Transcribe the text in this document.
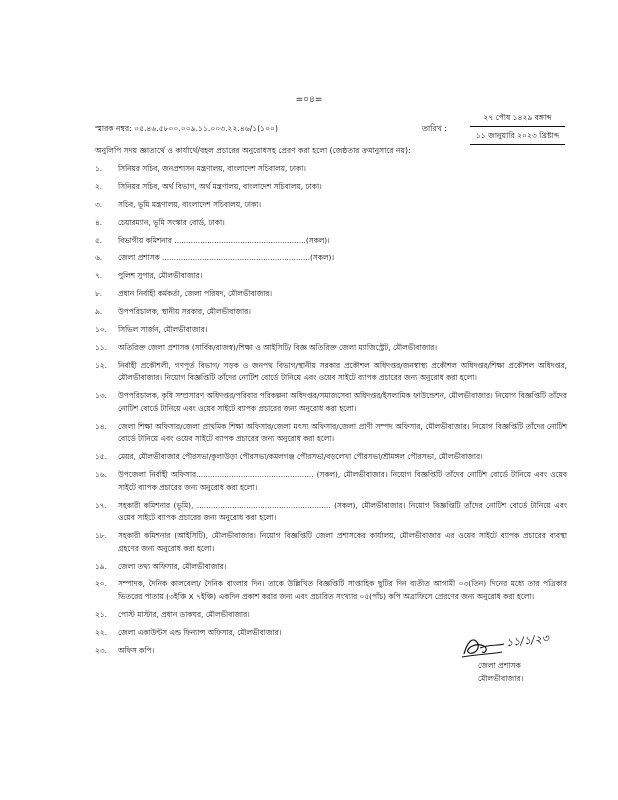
=০৪=
স্মারক নম্বর: ০৫.৪৬.৫৮০০.০০৯.১১.০০৩.২২.৪৬/১(১০০)	তারিখ :
২৭ পৌষ ১৪২৯ বঙ্গাব্দ
১১ জানুয়ারি ২০২৩ খ্রিষ্টাব্দ
অনুলিপি সদয় জ্ঞাতার্থে ও কার্যার্থে/বহল প্রচারের অনুরোধসহ প্রেরণ করা হলো (জেষ্ঠতার ক্রমানুসারে নয়):
১.	সিনিয়র সচিব, জনপ্রশাসন মন্ত্রণালয়, বাংলাদেশ সচিবালয়, ঢাকা।
২.	সিনিয়র সচিব, অর্থ বিভাগ, অর্থ মন্ত্রণালয়, বাংলাদেশ সচিবালয়, ঢাকা।
৩.	সচিব, ভূমি মন্ত্রণালয়, বাংলাদেশ সচিবালয়, ঢাকা।
৪.	চেয়ারম্যান, ভূমি সংস্কার বোর্ড, ঢাকা।
৫.	বিভাগীয় কমিশনার ........................................................(সকল)।
৬.	জেলা প্রশাসক ...............................................................(সকল)।
৭.	পুলিশ সুপার, মৌলভীবাজার।
৮.	প্রধান নির্বাহী কর্মকর্তা, জেলা পরিষদ, মৌলভীবাজার।
৯.	উপপরিচালক, স্থানীয় সরকার, মৌলভীবাজার।
১০.	সিভিল সার্জন, মৌলভীবাজার।
১১.	অতিরিক্ত জেলা প্রশাসক (সার্বিক/রাজস্ব)/শিক্ষা ও আইসিটি/ বিজ্ঞ অতিরিক্ত জেলা ম্যাজিস্ট্রেট, মৌলভীবাজার।
১২.	নির্বাহী প্রকৌশলী, গণপূর্ত বিভাগ/ সড়ক ও জনপথ বিভাগ/স্থানীয় সরকার প্রকৌশল অধিদপ্তর/জনস্বাস্থ্য প্রকৌশল অধিদপ্তর/শিক্ষা প্রকৌশল অধিদপ্তর, মৌলভীবাজার। নিয়োগ বিজ্ঞপ্তিটি তাঁদের নোটিশ বোর্ডে টানিয়ে এবং ওয়েব সাইটে ব্যাপক প্রচারের জন্য অনুরোধ করা হলো।
১৩.	উপপরিচালক, কৃষি সম্প্রসারণ অধিদপ্তর/পরিবার পরিকল্পনা অধিদপ্তর/সমাজসেবা অধিদপ্তর/ইসলামিক ফাউন্ডেশন, মৌলভীবাজার। নিয়োগ বিজ্ঞপ্তিটি তাঁদের নোটিশ বোর্ডে টানিয়ে এবং ওয়েব সাইটে ব্যাপক প্রচারের জন্য অনুরোধ করা হলো।
১৪.	জেলা শিক্ষা অফিসার/জেলা প্রাথমিক শিক্ষা অফিসার/জেলা মৎস্য অফিসার/জেলা প্রাণী সম্পদ অফিসার, মৌলভীবাজার। নিয়োগ বিজ্ঞপ্তিটি তাঁদের নোটিশ বোর্ডে টানিয়ে এবং ওয়েব সাইটে ব্যাপক প্রচারের জন্য অনুরোধ করা হলো।
১৫.	মেয়র, মৌলভীবাজার পৌরসভা/কুলাউড়া পৌরসভা/কমলগঞ্জ পৌরসভা/বড়লেখা পৌরসভা/শ্রীমঙ্গল পৌরসভা, মৌলভীবাজার।
১৬.	উপজেলা নির্বাহী অফিসার.................................................. (সকল), মৌলভীবাজার। নিয়োগ বিজ্ঞপ্তিটি তাঁদের নোটিশ বোর্ডে টানিয়ে এবং ওয়েব সাইটে ব্যাপক প্রচারের জন্য অনুরোধ করা হলো।
১৭.	সহকারী কমিশনার (ভূমি), ......................................................... (সকল), মৌলভীবাজার। নিয়োগ বিজ্ঞপ্তিটি তাঁদের নোটিশ বোর্ডে টানিয়ে এবং ওয়েব সাইটে ব্যাপক প্রচারের জন্য অনুরোধ করা হলো।
১৮.	সহকারী কমিশনার (আইসিটি), মৌলভীবাজার। নিয়োগ বিজ্ঞপ্তিটি জেলা প্রশাসকের কার্যালয়, মৌলভীবাজার এর ওয়েব সাইটে ব্যাপক প্রচারের ব্যবস্থা গ্রহণের জন্য অনুরোধ করা হলো।
১৯.	জেলা তথ্য অফিসার, মৌলভীবাজার।
২০.	সম্পাদক, দৈনিক কালবেলা/ দৈনিক বাংলার দিন। তাকে উল্লিখিত বিজ্ঞপ্তিটি সাপ্তাহিক ছুটির দিন ব্যতীত আগামী ০৩(তিন) দিনের মধ্যে তার পত্রিকার ভিতরের পাতায় (৩ইঞ্চি X ৭ইঞ্চি) একদিন প্রকাশ করার জন্য এবং প্রচারিত সংখ্যার ০৫(পাঁচ) কপি অত্রাফিসে প্রেরণের জন্য অনুরোধ করা হলো।
২১.	পোস্ট মাস্টার, প্রধান ডাকঘর, মৌলভীবাজার।
২২.	জেলা একাউন্টস এন্ড ফিন্যান্স অফিসার, মৌলভীবাজার।
২৩.	অফিস কপি।
১১/১/২৩
জেলা প্রশাসক
মৌলভীবাজার।
